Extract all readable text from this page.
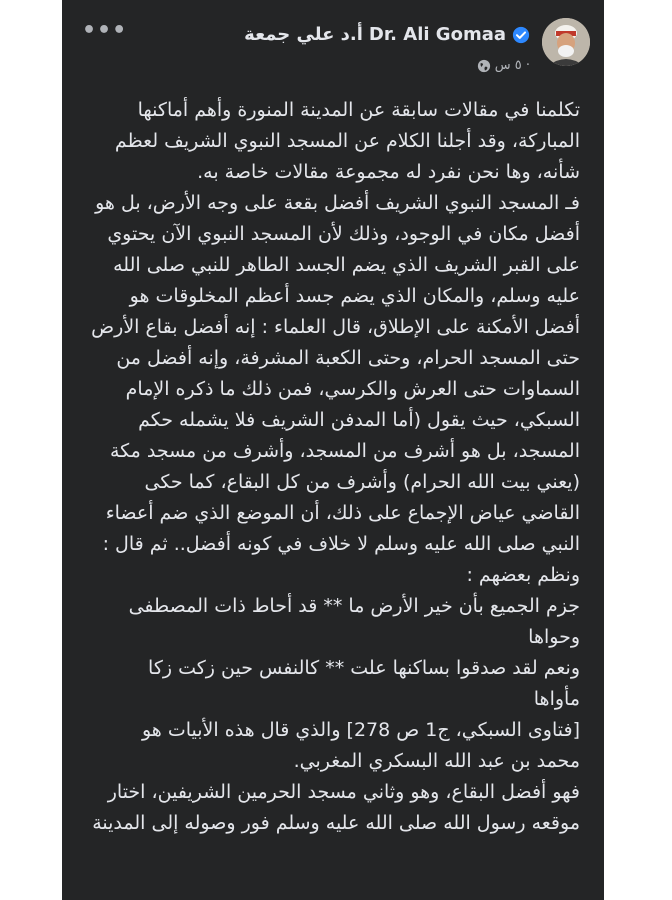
•••	أ.د علي جمعة Dr. Ali Gomaa
٥ س ·
تكلمنا في مقالات سابقة عن المدينة المنورة وأهم أماكنها
المباركة، وقد أجلنا الكلام عن المسجد النبوي الشريف لعظم
شأنه، وها نحن نفرد له مجموعة مقالات خاصة به.
فـ المسجد النبوي الشريف أفضل بقعة على وجه الأرض، بل هو
أفضل مكان في الوجود، وذلك لأن المسجد النبوي الآن يحتوي
على القبر الشريف الذي يضم الجسد الطاهر للنبي صلى الله
عليه وسلم، والمكان الذي يضم جسد أعظم المخلوقات هو
أفضل الأمكنة على الإطلاق، قال العلماء : إنه أفضل بقاع الأرض
حتى المسجد الحرام، وحتى الكعبة المشرفة، وإنه أفضل من
السماوات حتى العرش والكرسي، فمن ذلك ما ذكره الإمام
السبكي، حيث يقول (أما المدفن الشريف فلا يشمله حكم
المسجد، بل هو أشرف من المسجد، وأشرف من مسجد مكة
(يعني بيت الله الحرام) وأشرف من كل البقاع، كما حكى
القاضي عياض الإجماع على ذلك، أن الموضع الذي ضم أعضاء
النبي صلى الله عليه وسلم لا خلاف في كونه أفضل.. ثم قال :
ونظم بعضهم :
جزم الجميع بأن خير الأرض ما ** قد أحاط ذات المصطفى
وحواها
ونعم لقد صدقوا بساكنها علت ** كالنفس حين زكت زكا
مأواها
[فتاوى السبكي، ج1 ص 278] والذي قال هذه الأبيات هو
محمد بن عبد الله البسكري المغربي.
فهو أفضل البقاع، وهو وثاني مسجد الحرمين الشريفين، اختار
موقعه رسول الله صلى الله عليه وسلم فور وصوله إلى المدينة
